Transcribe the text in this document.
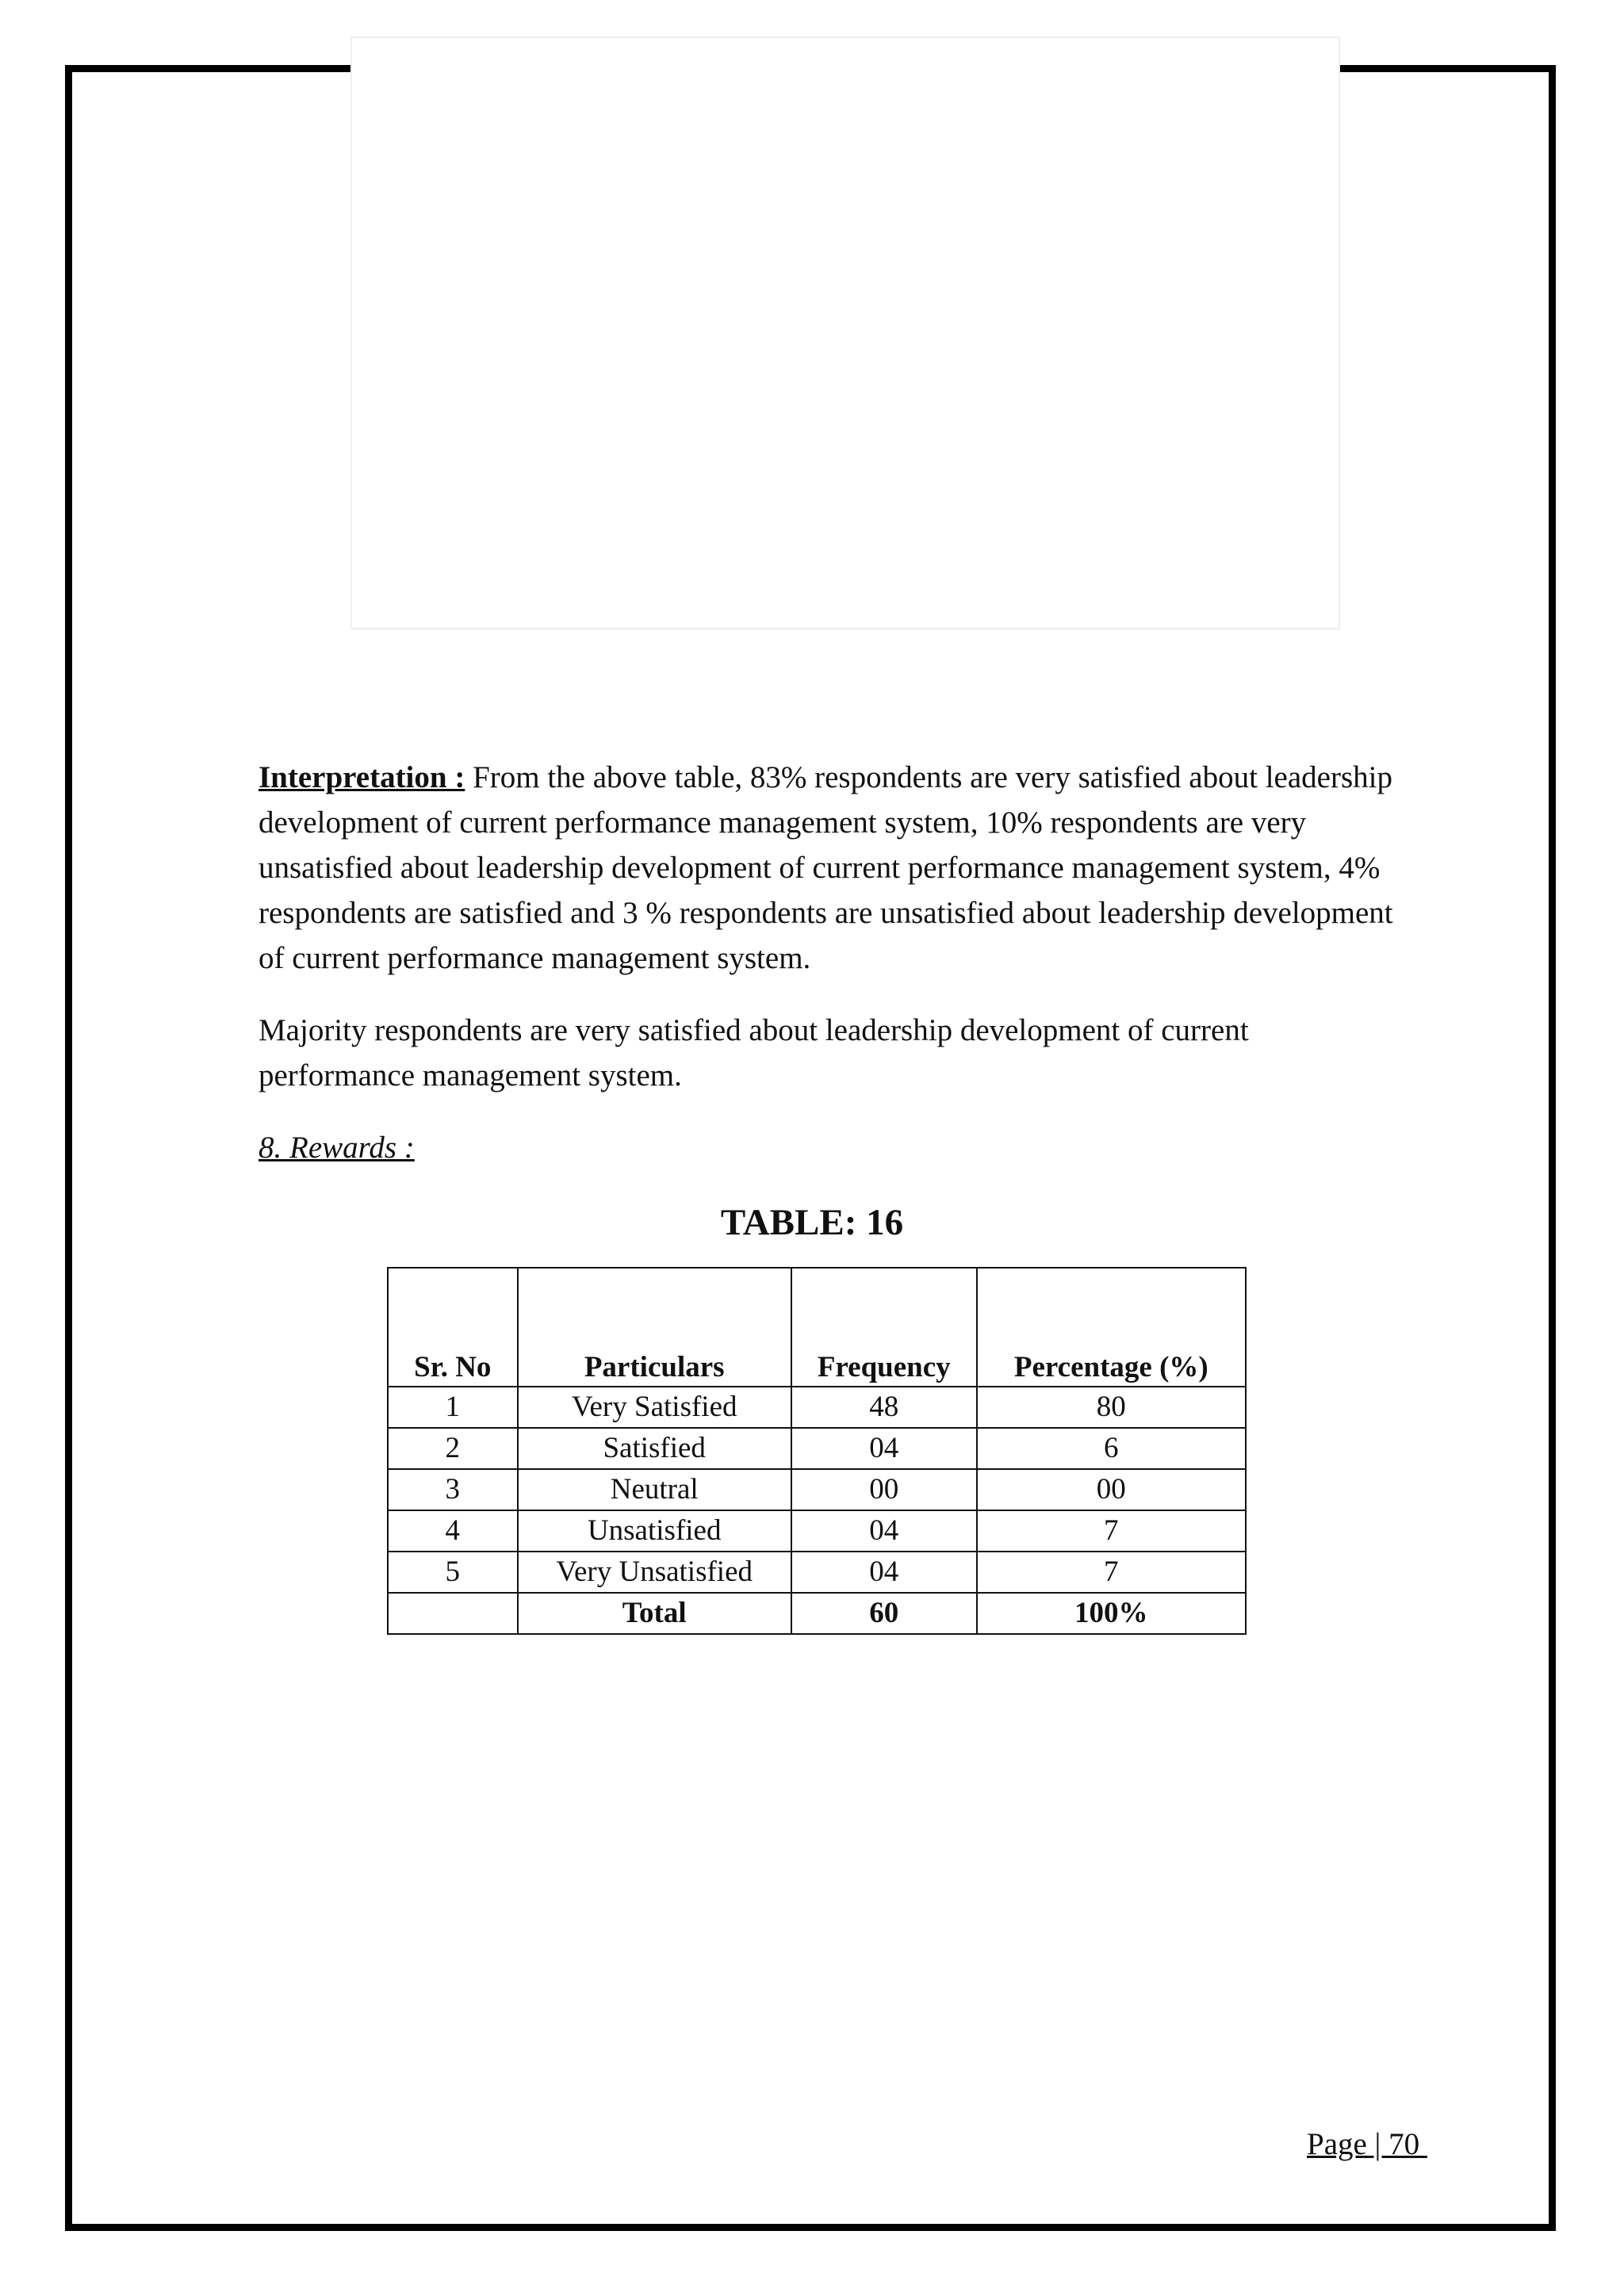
Interpretation : From the above table, 83% respondents are very satisfied about leadership development of current performance management system, 10% respondents are very unsatisfied about leadership development of current performance management system, 4% respondents are satisfied and 3 % respondents are unsatisfied about leadership development of current performance management system.

Majority respondents are very satisfied about leadership development of current performance management system.

8. Rewards :

TABLE: 16
Sr. No	Particulars	Frequency	Percentage (%)
1	Very Satisfied	48	80
2	Satisfied	04	6
3	Neutral	00	00
4	Unsatisfied	04	7
5	Very Unsatisfied	04	7
	Total	60	100%
Page | 70
